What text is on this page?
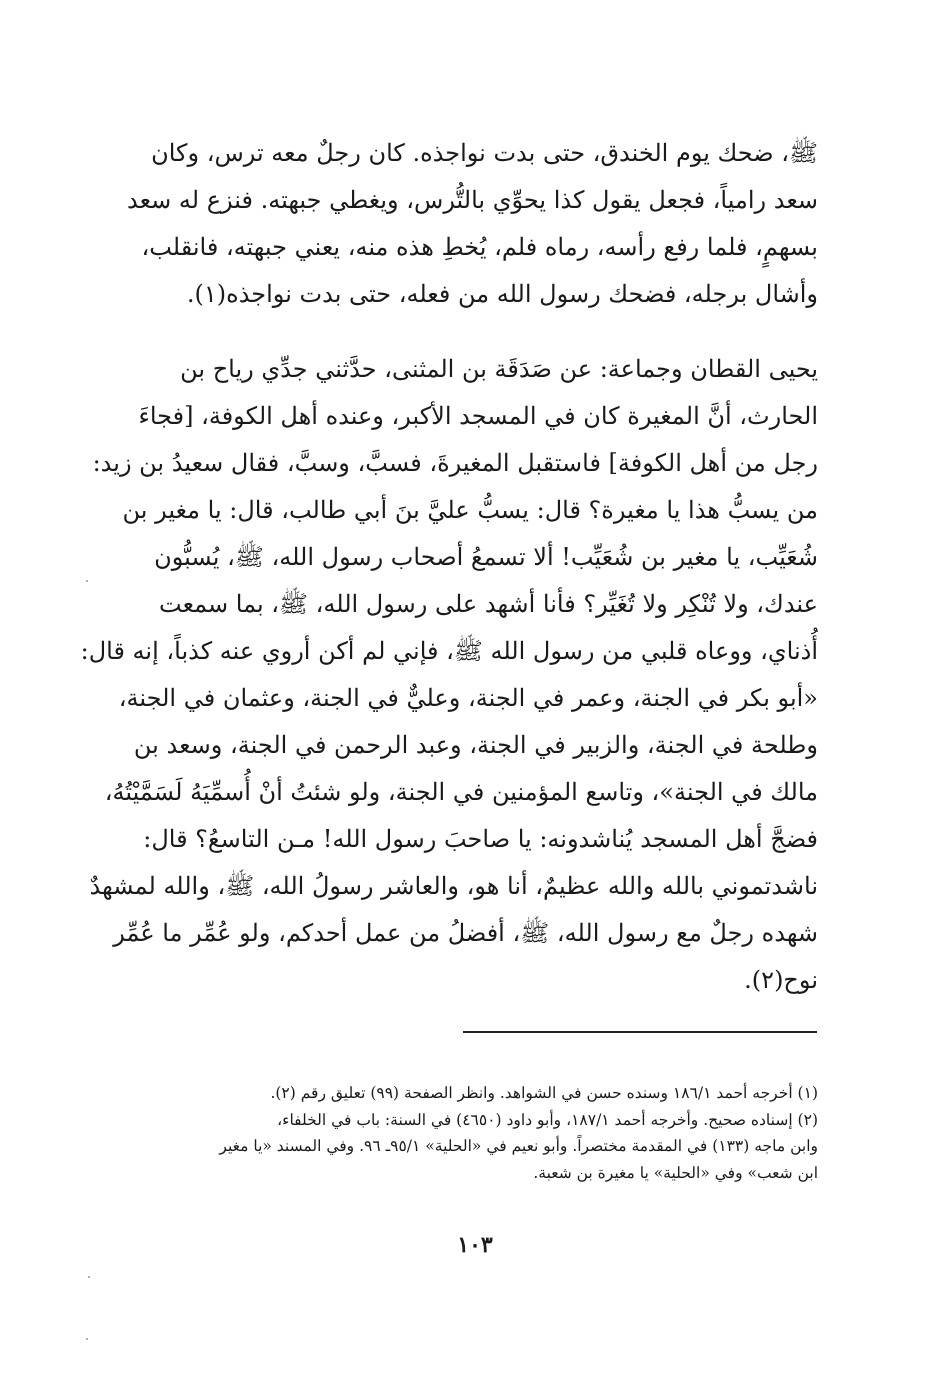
ﷺ، ضحك يوم الخندق، حتى بدت نواجذه. كان رجلٌ معه ترس، وكان
سعد رامياً، فجعل يقول كذا يحوِّي بالتُّرس، ويغطي جبهته. فنزع له سعد
بسهمٍ، فلما رفع رأسه، رماه فلم، يُخطِ هذه منه، يعني جبهته، فانقلب،
وأشال برجله، فضحك رسول الله من فعله، حتى بدت نواجذه(١).
يحيى القطان وجماعة: عن صَدَقَة بن المثنى، حدَّثني جدِّي رياح بن
الحارث، أنَّ المغيرة كان في المسجد الأكبر، وعنده أهل الكوفة، [فجاءَ
رجل من أهل الكوفة] فاستقبل المغيرةَ، فسبَّ، وسبَّ، فقال سعيدُ بن زيد:
من يسبُّ هذا يا مغيرة؟ قال: يسبُّ عليَّ بنَ أبي طالب، قال: يا مغير بن
شُعَيِّب، يا مغير بن شُعَيِّب! ألا تسمعُ أصحاب رسول الله، ﷺ، يُسبُّون
عندك، ولا تُنْكِر ولا تُغَيِّر؟ فأنا أشهد على رسول الله، ﷺ، بما سمعت
أُذناي، ووعاه قلبي من رسول الله ﷺ، فإني لم أكن أروي عنه كذباً، إنه قال:
«أبو بكر في الجنة، وعمر في الجنة، وعليٌّ في الجنة، وعثمان في الجنة،
وطلحة في الجنة، والزبير في الجنة، وعبد الرحمن في الجنة، وسعد بن
مالك في الجنة»، وتاسع المؤمنين في الجنة، ولو شئتُ أنْ أُسمِّيَهُ لَسَمَّيْتُهُ،
فضجَّ أهل المسجد يُناشدونه: يا صاحبَ رسول الله! مـن التاسعُ؟ قال:
ناشدتموني بالله والله عظيمٌ، أنا هو، والعاشر رسولُ الله، ﷺ، والله لمشهدٌ
شهده رجلٌ مع رسول الله، ﷺ، أفضلُ من عمل أحدكم، ولو عُمِّر ما عُمِّر
نوح(٢).
(١) أخرجه أحمد ١٨٦/١ وسنده حسن في الشواهد. وانظر الصفحة (٩٩) تعليق رقم (٢).
(٢) إسناده صحيح. وأخرجه أحمد ١٨٧/١، وأبو داود (٤٦٥٠) في السنة: باب في الخلفاء،
وابن ماجه (١٣٣) في المقدمة مختصراً. وأبو نعيم في «الحلية» ٩٥/١ـ ٩٦. وفي المسند «يا مغير
ابن شعب» وفي «الحلية» يا مغيرة بن شعبة.
١٠٣
